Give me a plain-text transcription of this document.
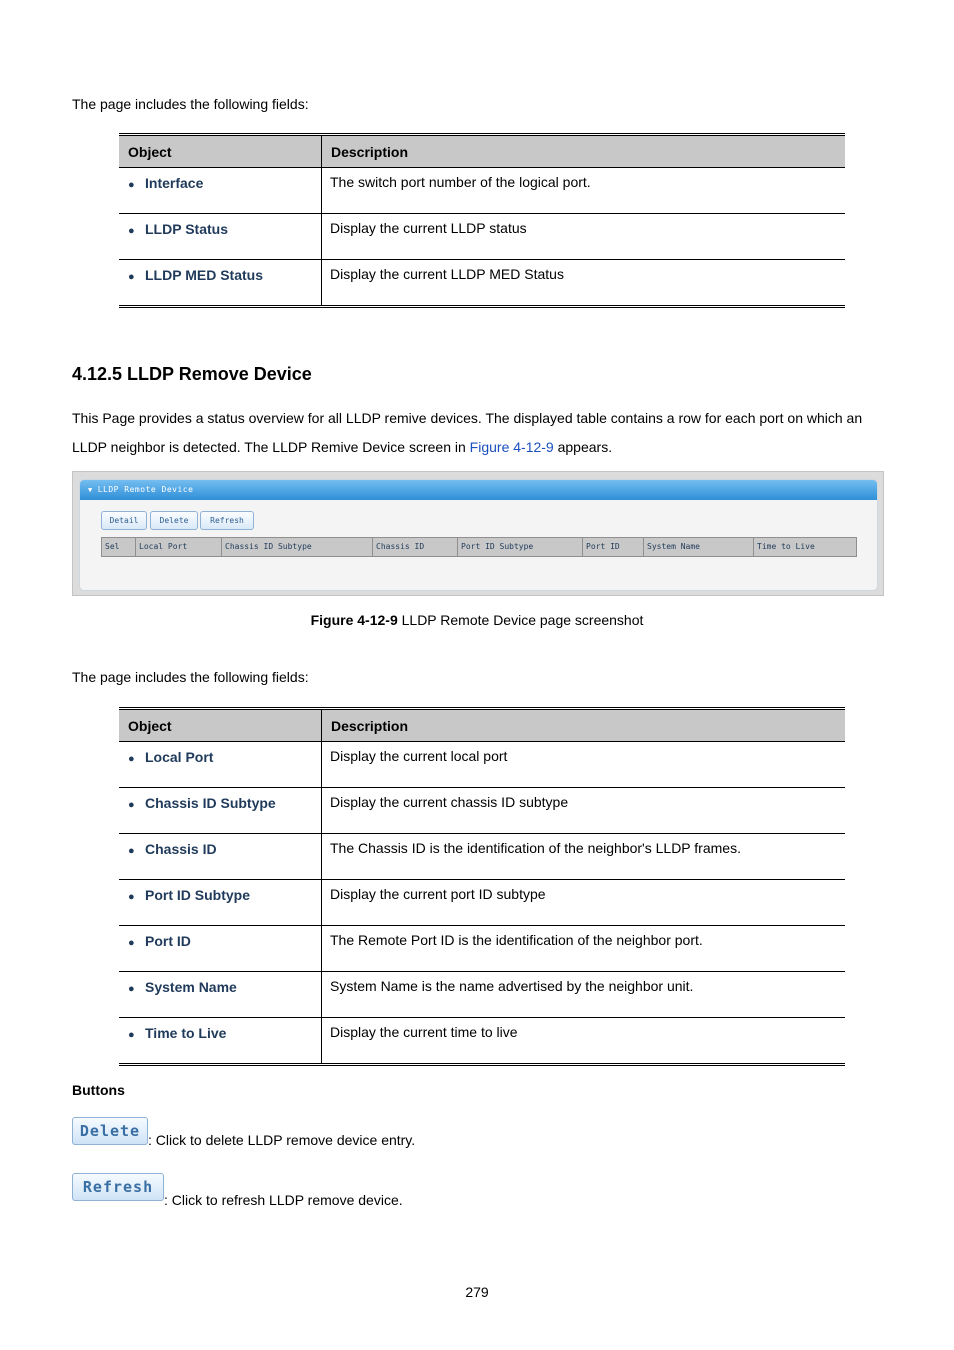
The page includes the following fields:
Object	Description
● Interface	The switch port number of the logical port.
● LLDP Status	Display the current LLDP status
● LLDP MED Status	Display the current LLDP MED Status
4.12.5 LLDP Remove Device
This Page provides a status overview for all LLDP remive devices. The displayed table contains a row for each port on which an
LLDP neighbor is detected. The LLDP Remive Device screen in Figure 4-12-9 appears.
▼ LLDP Remote Device
Detail	Delete	Refresh
Sel	Local Port	Chassis ID Subtype	Chassis ID	Port ID Subtype	Port ID	System Name	Time to Live
Figure 4-12-9 LLDP Remote Device page screenshot
The page includes the following fields:
Object	Description
● Local Port	Display the current local port
● Chassis ID Subtype	Display the current chassis ID subtype
● Chassis ID	The Chassis ID is the identification of the neighbor's LLDP frames.
● Port ID Subtype	Display the current port ID subtype
● Port ID	The Remote Port ID is the identification of the neighbor port.
● System Name	System Name is the name advertised by the neighbor unit.
● Time to Live	Display the current time to live
Buttons
Delete : Click to delete LLDP remove device entry.
Refresh
: Click to refresh LLDP remove device.
279
